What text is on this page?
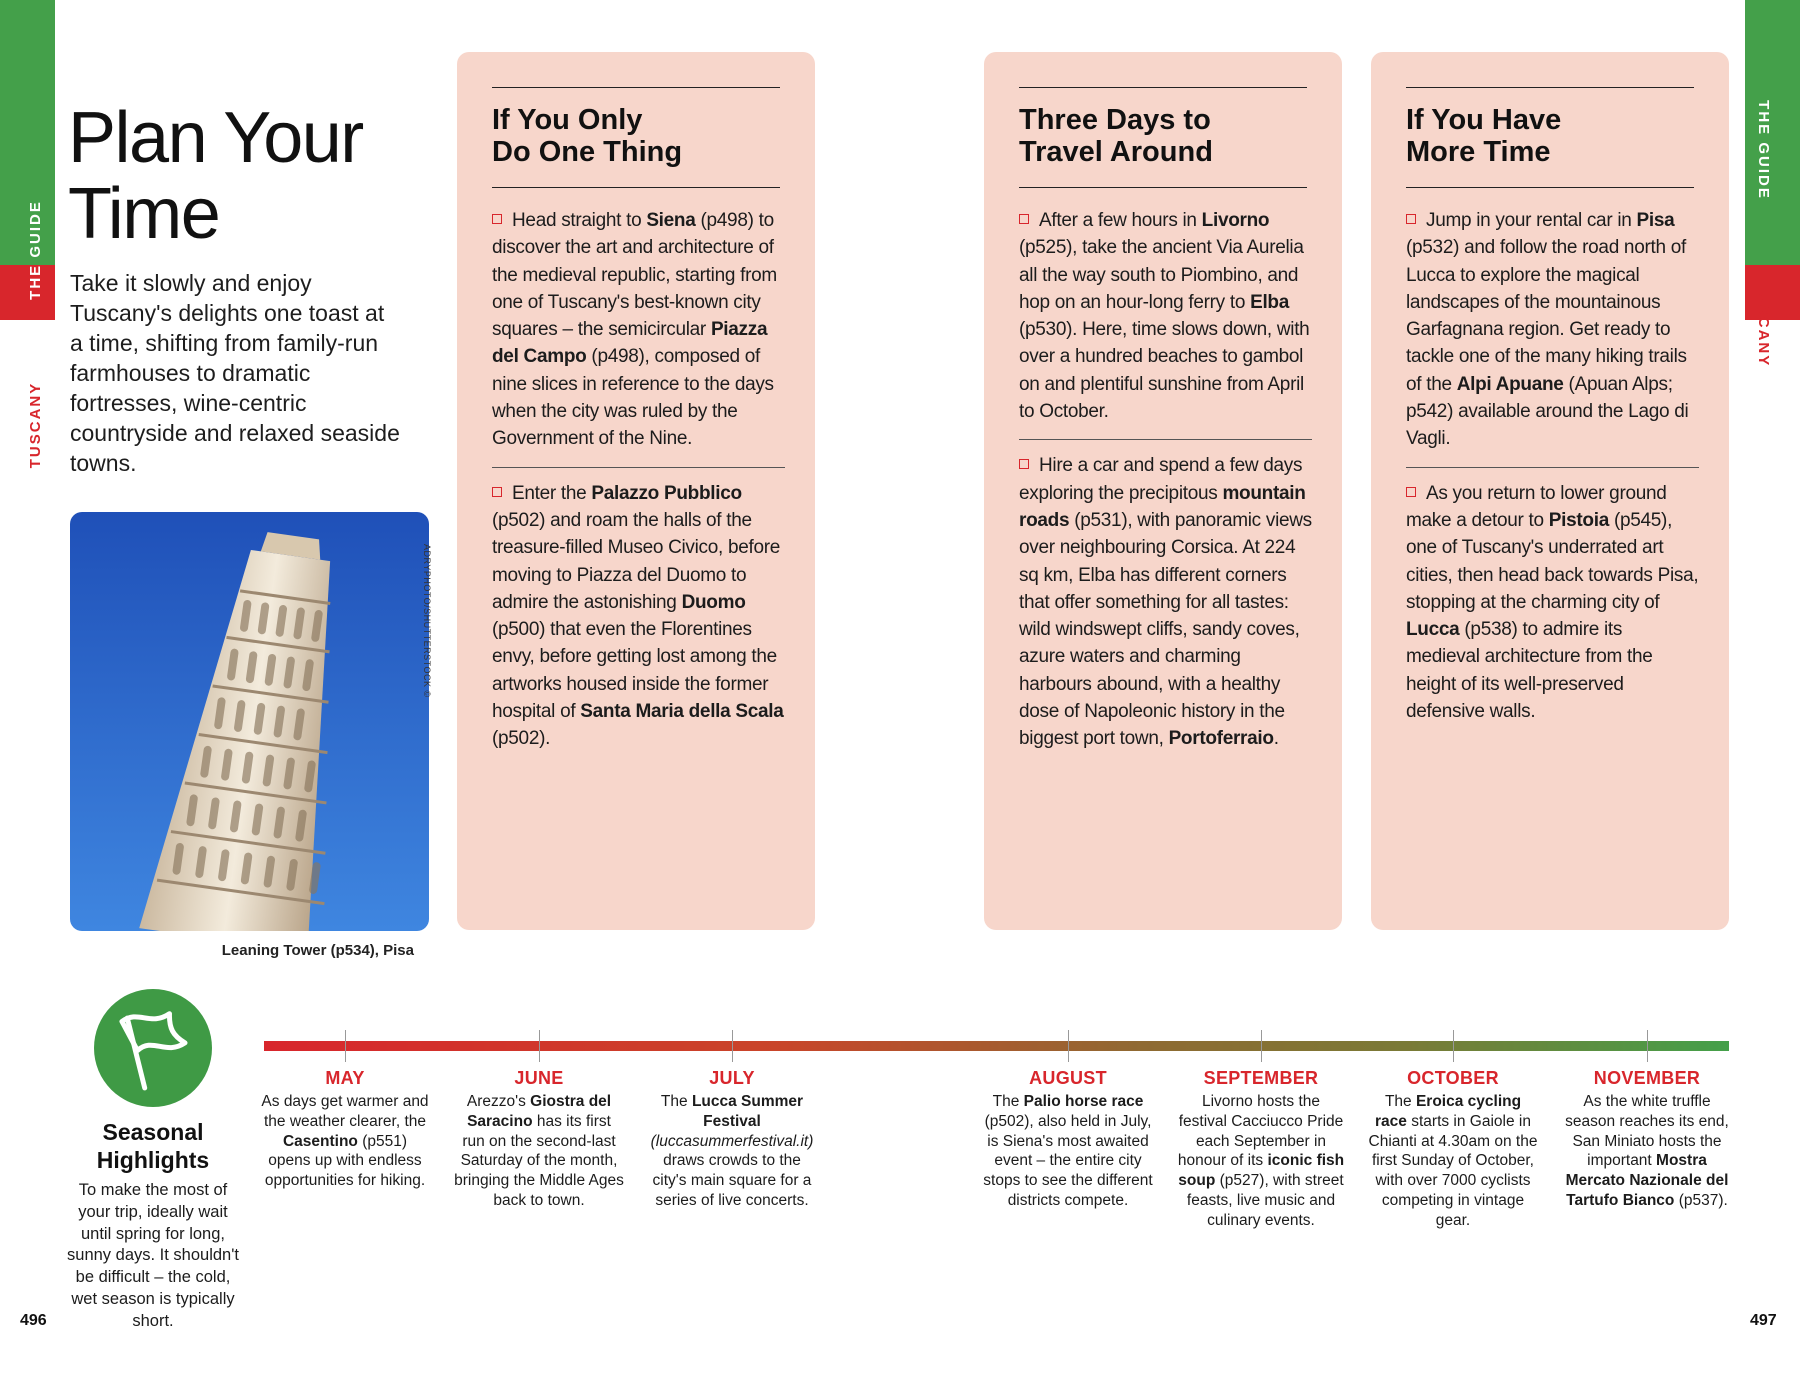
THE GUIDE
TUSCANY
THE GUIDE
TUSCANY
Plan Your
Time
Take it slowly and enjoy Tuscany's delights one toast at a time, shifting from family-run farmhouses to dramatic fortresses, wine-centric countryside and relaxed seaside towns.
ADRYPHOTO/SHUTTERSTOCK ©
Leaning Tower (p534), Pisa
If You Only
Do One Thing

Head straight to Siena (p498) to discover the art and architecture of the medieval republic, starting from one of Tuscany's best-known city squares – the semicircular Piazza del Campo (p498), composed of nine slices in reference to the days when the city was ruled by the Government of the Nine.

Enter the Palazzo Pubblico (p502) and roam the halls of the treasure-filled Museo Civico, before moving to Piazza del Duomo to admire the astonishing Duomo (p500) that even the Florentines envy, before getting lost among the artworks housed inside the former hospital of Santa Maria della Scala (p502).

Three Days to
Travel Around

After a few hours in Livorno (p525), take the ancient Via Aurelia all the way south to Piombino, and hop on an hour-long ferry to Elba (p530). Here, time slows down, with over a hundred beaches to gambol on and plentiful sunshine from April to October.

Hire a car and spend a few days exploring the precipitous mountain roads (p531), with panoramic views over neighbouring Corsica. At 224 sq km, Elba has different corners that offer something for all tastes: wild windswept cliffs, sandy coves, azure waters and charming harbours abound, with a healthy dose of Napoleonic history in the biggest port town, Portoferraio.

If You Have
More Time

Jump in your rental car in Pisa (p532) and follow the road north of Lucca to explore the magical landscapes of the mountainous Garfagnana region. Get ready to tackle one of the many hiking trails of the Alpi Apuane (Apuan Alps; p542) available around the Lago di Vagli.

As you return to lower ground make a detour to Pistoia (p545), one of Tuscany's underrated art cities, then head back towards Pisa, stopping at the charming city of Lucca (p538) to admire its medieval architecture from the height of its well-preserved defensive walls.

Seasonal
Highlights
To make the most of your trip, ideally wait until spring for long, sunny days. It shouldn't be difficult – the cold, wet season is typically short.
MAY
As days get warmer and the weather clearer, the Casentino (p551) opens up with endless opportunities for hiking.
JUNE
Arezzo's Giostra del Saracino has its first run on the second-last Saturday of the month, bringing the Middle Ages back to town.
JULY
The Lucca Summer Festival (luccasummerfestival.it) draws crowds to the city's main square for a series of live concerts.
AUGUST
The Palio horse race (p502), also held in July, is Siena's most awaited event – the entire city stops to see the different districts compete.
SEPTEMBER
Livorno hosts the festival Cacciucco Pride each September in honour of its iconic fish soup (p527), with street feasts, live music and culinary events.
OCTOBER
The Eroica cycling race starts in Gaiole in Chianti at 4.30am on the first Sunday of October, with over 7000 cyclists competing in vintage gear.
NOVEMBER
As the white truffle season reaches its end, San Miniato hosts the important Mostra Mercato Nazionale del Tartufo Bianco (p537).
496	497
